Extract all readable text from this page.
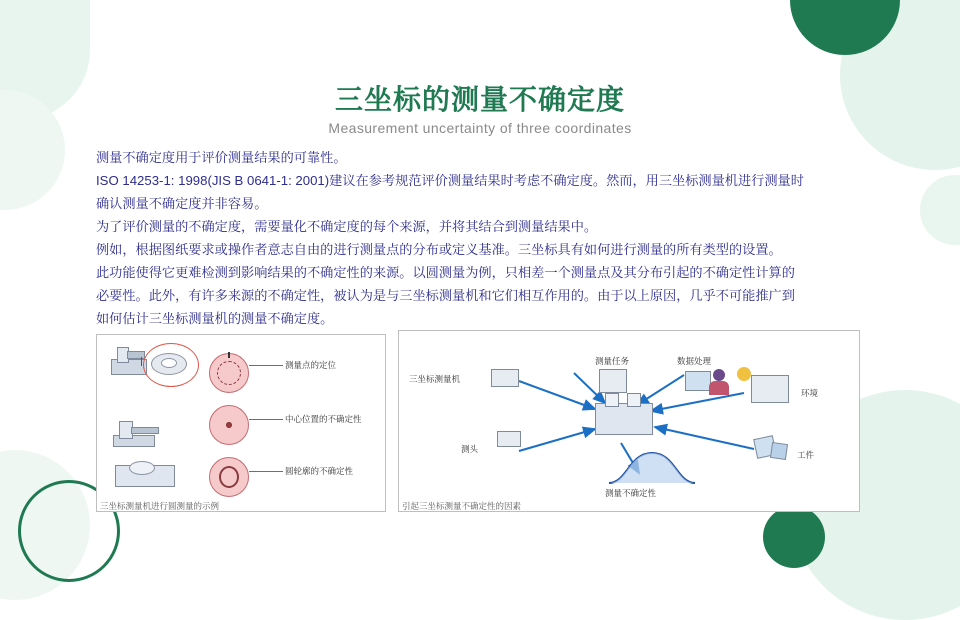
三坐标的测量不确定度
Measurement uncertainty of three coordinates

测量不确定度用于评价测量结果的可靠性。

ISO 14253-1: 1998(JIS B 0641-1: 2001)建议在参考规范评价测量结果时考虑不确定度。然而，用三坐标测量机进行测量时

确认测量不确定度并非容易。

为了评价测量的不确定度，需要量化不确定度的每个来源，并将其结合到测量结果中。

例如，根据图纸要求或操作者意志自由的进行测量点的分布或定义基准。三坐标具有如何进行测量的所有类型的设置。

此功能使得它更难检测到影响结果的不确定性的来源。以圆测量为例，只相差一个测量点及其分布引起的不确定性计算的

必要性。此外，有许多来源的不确定性，被认为是与三坐标测量机和它们相互作用的。由于以上原因，几乎不可能推广到

如何估计三坐标测量机的测量不确定度。

测量点的定位
中心位置的不确定性
圆轮廓的不确定性
三坐标测量机进行圆测量的示例
测量任务	数据处理
三坐标测量机
环境
测头
工件
测量不确定性
引起三坐标测量不确定性的因素
